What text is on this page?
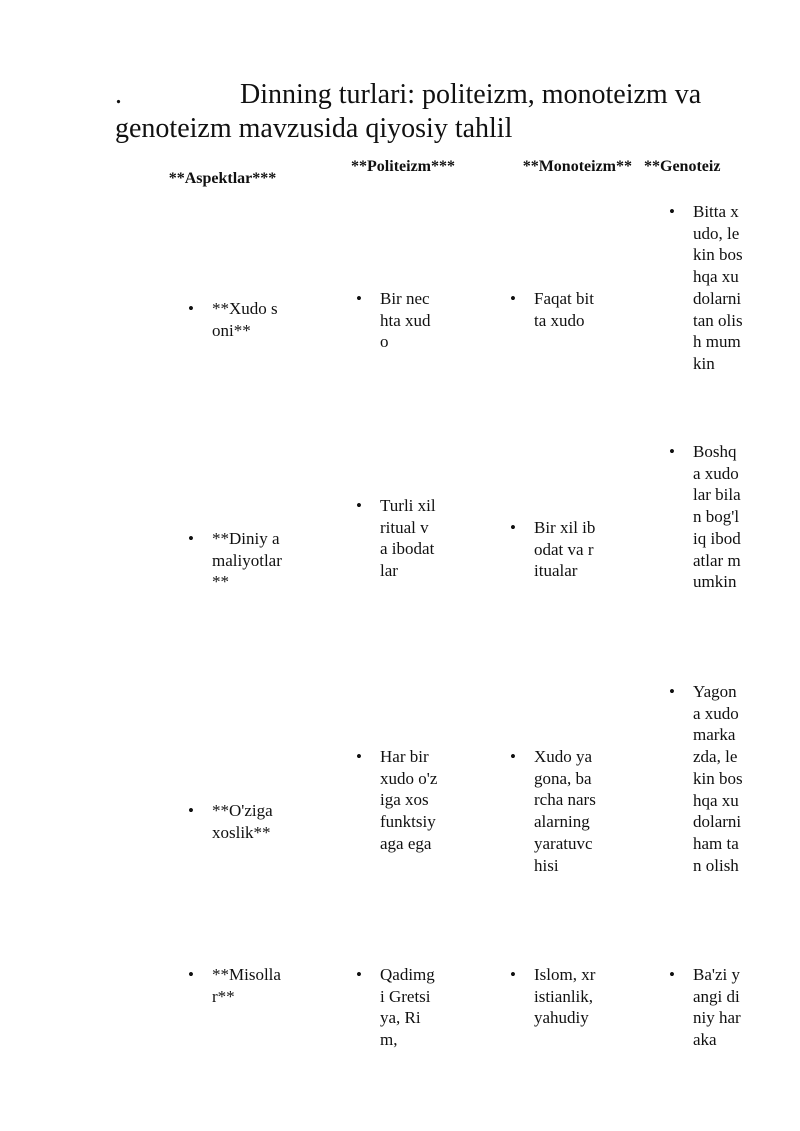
.	Dinning turlari: politeizm, monoteizm va genoteizm mavzusida qiyosiy tahlil
**Aspektlar***
**Politeizm***	**Monoteizm** **Genoteiz
• **Xudo soni**
• Bir nechta xudo
• Faqat bitta xudo
• Bitta xudo, lekin boshqa xudolarni tan olish mumkin
• **Diniy amaliyotlar**
• Turli xil ritual va ibodatlar
• Bir xil ibodat va ritualar
• Boshqa xudolar bilan bog'liq ibodatlar mumkin
• **O'ziga xoslik**
• Har bir xudo o'ziga xos funktsiyaga ega
• Xudo yagona, barcha narsalarning yaratuvchisi
• Yagona xudo markazda, lekin boshqa xudolarni ham tan olish
• **Misollar**
• Qadimgi Gretsiya, Rim,
• Islom, xristianlik, yahudiy
• Ba'zi yangi diniy haraka
